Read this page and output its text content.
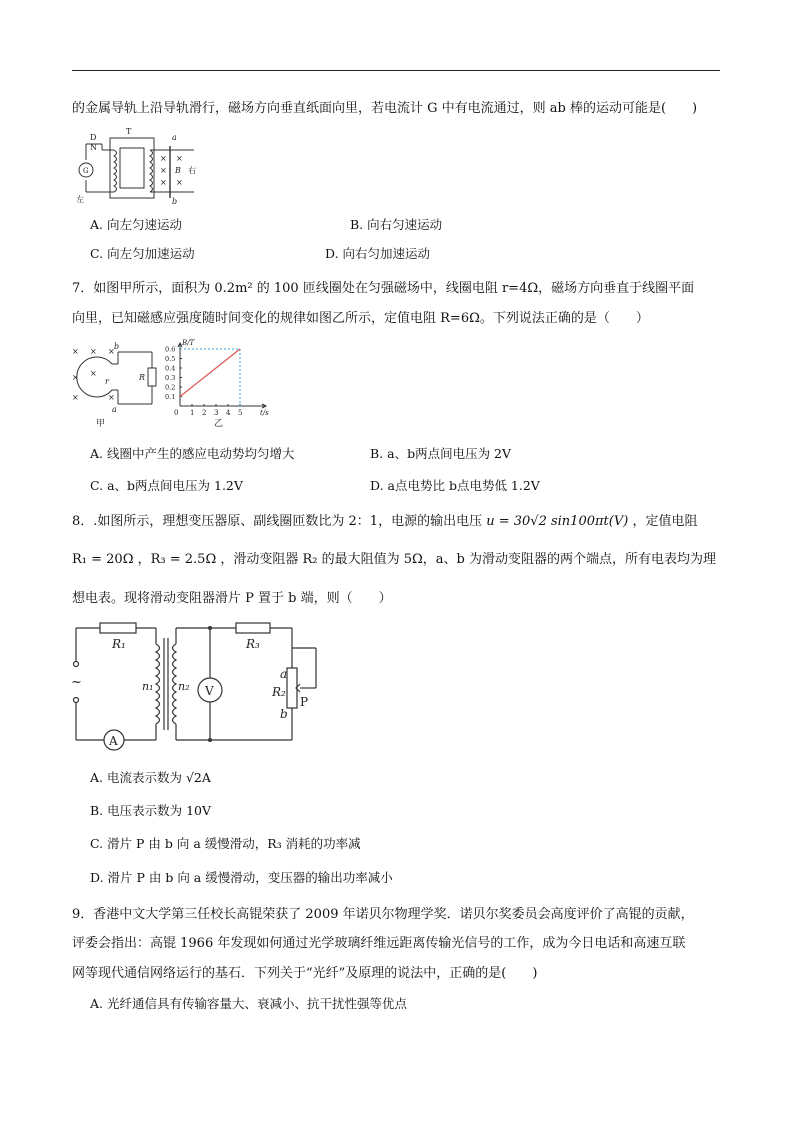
的金属导轨上沿导轨滑行，磁场方向垂直纸面向里，若电流计 G 中有电流通过，则 ab 棒的运动可能是(　　)
D
N
T
G
a
b
B
左
右
× ×
×
× ×
A. 向左匀速运动	B. 向右匀速运动
C. 向左匀加速运动	D. 向右匀加速运动
7．如图甲所示，面积为 0.2m² 的 100 匝线圈处在匀强磁场中，线圈电阻 r=4Ω，磁场方向垂直于线圈平面
向里，已知磁感应强度随时间变化的规律如图乙所示，定值电阻 R=6Ω。下列说法正确的是（　　）
× × ×
× ×
×	×
b
a
r	R
甲
0.6
0.5
0.4
0.3
0.2
0.1
1 2 3 4 5
0
B/T
t/s
乙
A. 线圈中产生的感应电动势均匀增大	B. a、b两点间电压为 2V
C. a、b两点间电压为 1.2V	D. a点电势比 b点电势低 1.2V
8．.如图所示，理想变压器原、副线圈匝数比为 2：1，电源的输出电压 u = 30√2 sin100πt(V) ，定值电阻
R₁ = 20Ω ，R₃ = 2.5Ω ，滑动变阻器 R₂ 的最大阻值为 5Ω，a、b 为滑动变阻器的两个端点，所有电表均为理
想电表。现将滑动变阻器滑片 P 置于 b 端，则（　　）
R₁	R₃
R₂
n₁ n₂
a
b
V
A
P
~
A. 电流表示数为 √2A
B. 电压表示数为 10V
C. 滑片 P 由 b 向 a 缓慢滑动，R₃ 消耗的功率减
D. 滑片 P 由 b 向 a 缓慢滑动，变压器的输出功率减小
9．香港中文大学第三任校长高锟荣获了 2009 年诺贝尔物理学奖．诺贝尔奖委员会高度评价了高锟的贡献，
评委会指出：高锟 1966 年发现如何通过光学玻璃纤维远距离传输光信号的工作，成为今日电话和高速互联
网等现代通信网络运行的基石．下列关于“光纤”及原理的说法中，正确的是(　　)
A. 光纤通信具有传输容量大、衰减小、抗干扰性强等优点
